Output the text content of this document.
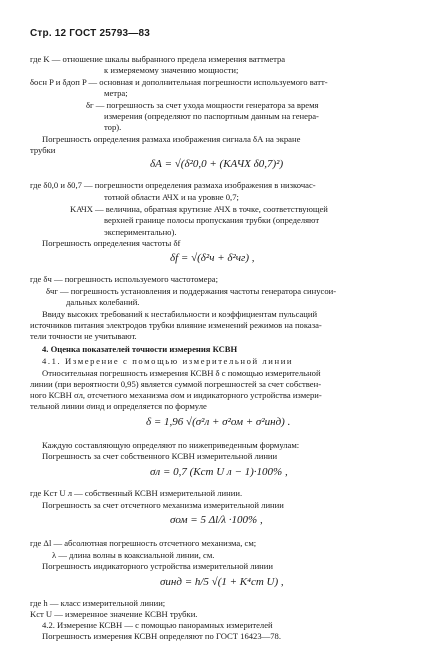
Стр. 12 ГОСТ 25793—83
где K — отношение шкалы выбранного предела измерения ваттметра
к измеряемому значению мощности;
δосн P и δдоп P — основная и дополнительная погрешности используемого ватт-
метра;
δг — погрешность за счет ухода мощности генератора за время
измерения (определяют по паспортным данным на генера-
тор).
Погрешность определения размаха изображения сигнала δА на экране
трубки
δА = √(δ²0,0 + (KАЧХ δ0,7)²)
где δ0,0 и δ0,7 — погрешности определения размаха изображения в низкочас-
тотной области АЧХ и на уровне 0,7;
KАЧХ — величина, обратная крутизне АЧХ в точке, соответствующей
верхней границе полосы пропускания трубки (определяют
экспериментально).
Погрешность определения частоты δf
δf = √(δ²ч + δ²чг) ,
где δч — погрешность используемого частотомера;
δчг — погрешность установления и поддержания частоты генератора синусои-
дальных колебаний.
Ввиду высоких требований к нестабильности и коэффициентам пульсаций
источников питания электродов трубки влияние изменений режимов на показа-
тели точности не учитывают.
4. Оценка показателей точности измерения КСВН
4.1. Измерение с помощью измерительной линии
Относительная погрешность измерения КСВН δ с помощью измерительной
линии (при вероятности 0,95) является суммой погрешностей за счет собствен-
ного КСВН σл, отсчетного механизма σом и индикаторного устройства измери-
тельной линии σинд и определяется по формуле
δ = 1,96 √(σ²л + σ²ом + σ²инд) .
Каждую составляющую определяют по нижеприведенным формулам:
Погрешность за счет собственного КСВН измерительной линии
σл = 0,7 (Kст U л − 1)·100% ,
где Kст U л — собственный КСВН измерительной линии.
Погрешность за счет отсчетного механизма измерительной линии
σом = 5 Δl/λ ·100% ,
где Δl — абсолютная погрешность отсчетного механизма, см;
λ — длина волны в коаксиальной линии, см.
Погрешность индикаторного устройства измерительной линии
σинд = h/5 √(1 + K⁴ст U) ,
где h — класс измерительной линии;
Kст U — измеренное значение КСВН трубки.
4.2. Измерение КСВН — с помощью панорамных измерителей
Погрешность измерения КСВН определяют по ГОСТ 16423—78.
